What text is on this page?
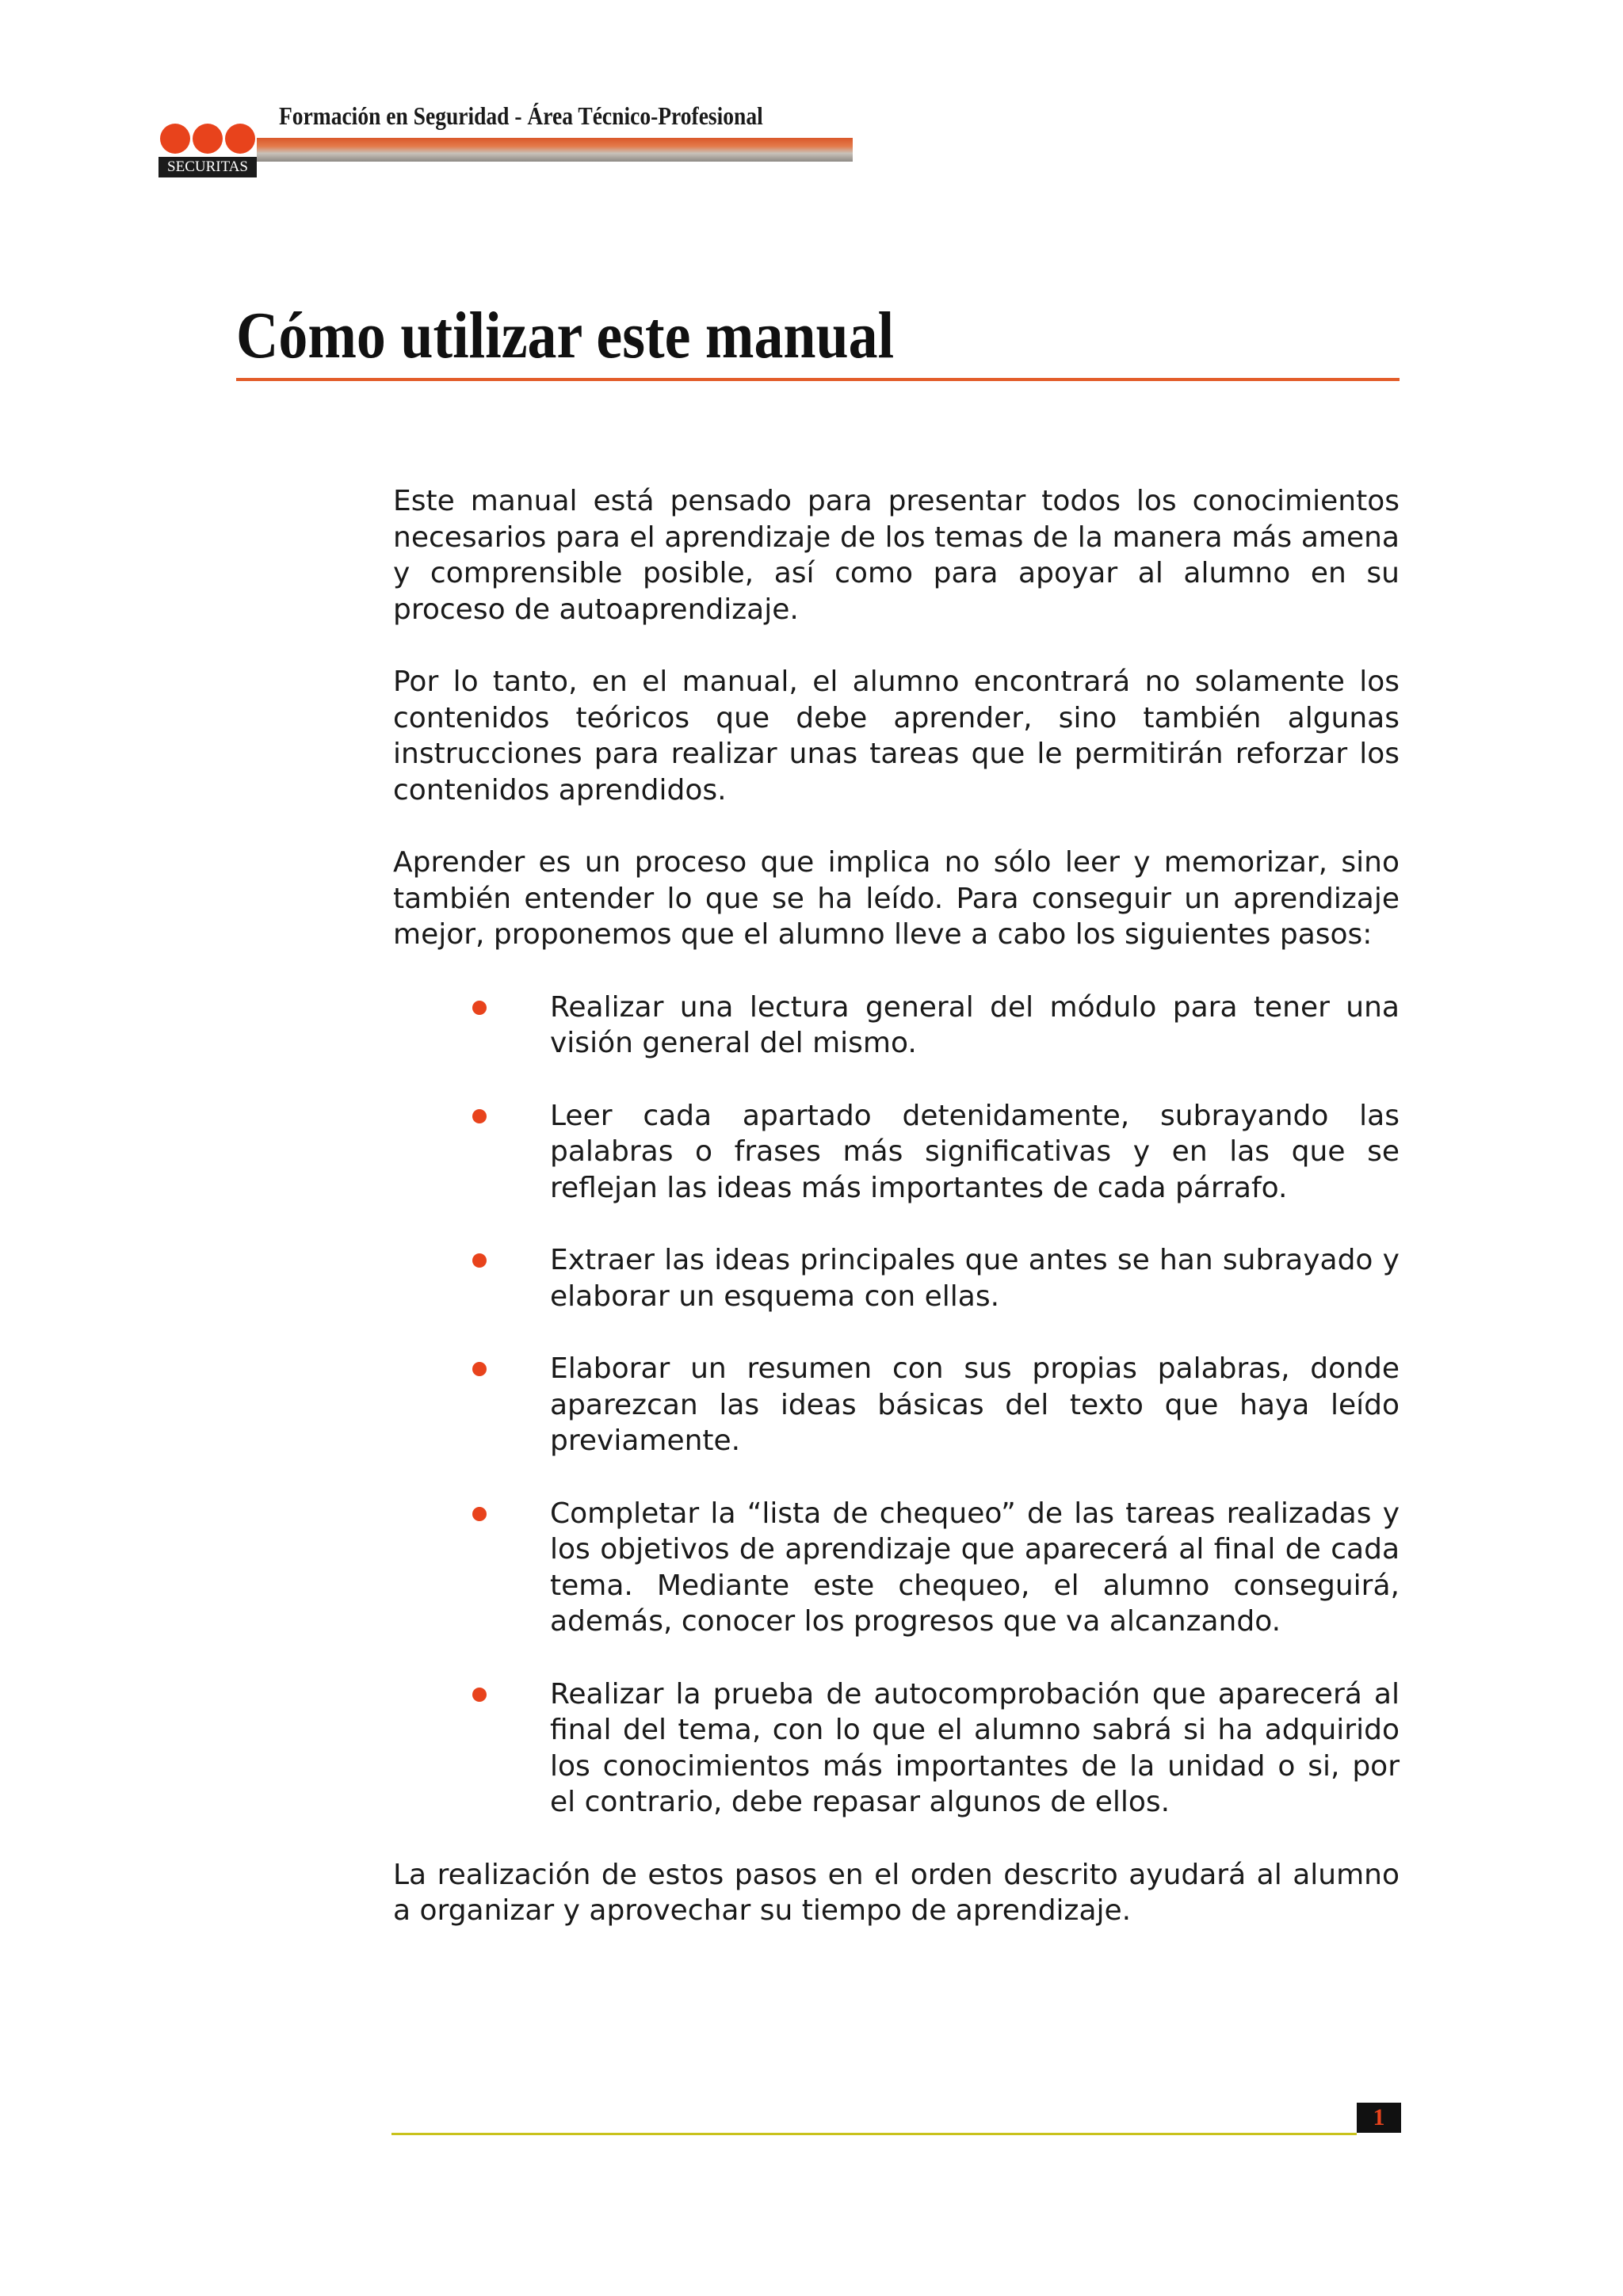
SECURITAS
Formación en Seguridad - Área Técnico-Profesional
Cómo utilizar este manual

Este manual está pensado para presentar todos los conocimientos necesarios para el aprendizaje de los temas de la manera más amena y comprensible posible, así como para apoyar al alumno en su proceso de autoaprendizaje.

Por lo tanto, en el manual, el alumno encontrará no solamente los contenidos teóricos que debe aprender, sino también algunas instrucciones para realizar unas tareas que le permitirán reforzar los contenidos aprendidos.

Aprender es un proceso que implica no sólo leer y memorizar, sino también entender lo que se ha leído. Para conseguir un aprendizaje mejor, proponemos que el alumno lleve a cabo los siguientes pasos:

Realizar una lectura general del módulo para tener una visión general del mismo.
Leer cada apartado detenidamente, subrayando las palabras o frases más significativas y en las que se reflejan las ideas más importantes de cada párrafo.
Extraer las ideas principales que antes se han subrayado y elaborar un esquema con ellas.
Elaborar un resumen con sus propias palabras, donde aparezcan las ideas básicas del texto que haya leído previamente.
Completar la “lista de chequeo” de las tareas realizadas y los objetivos de aprendizaje que aparecerá al final de cada tema. Mediante este chequeo, el alumno conseguirá, además, conocer los progresos que va alcanzando.
Realizar la prueba de autocomprobación que aparecerá al final del tema, con lo que el alumno sabrá si ha adquirido los conocimientos más importantes de la unidad o si, por el contrario, debe repasar algunos de ellos.

La realización de estos pasos en el orden descrito ayudará al alumno a organizar y aprovechar su tiempo de aprendizaje.

1
